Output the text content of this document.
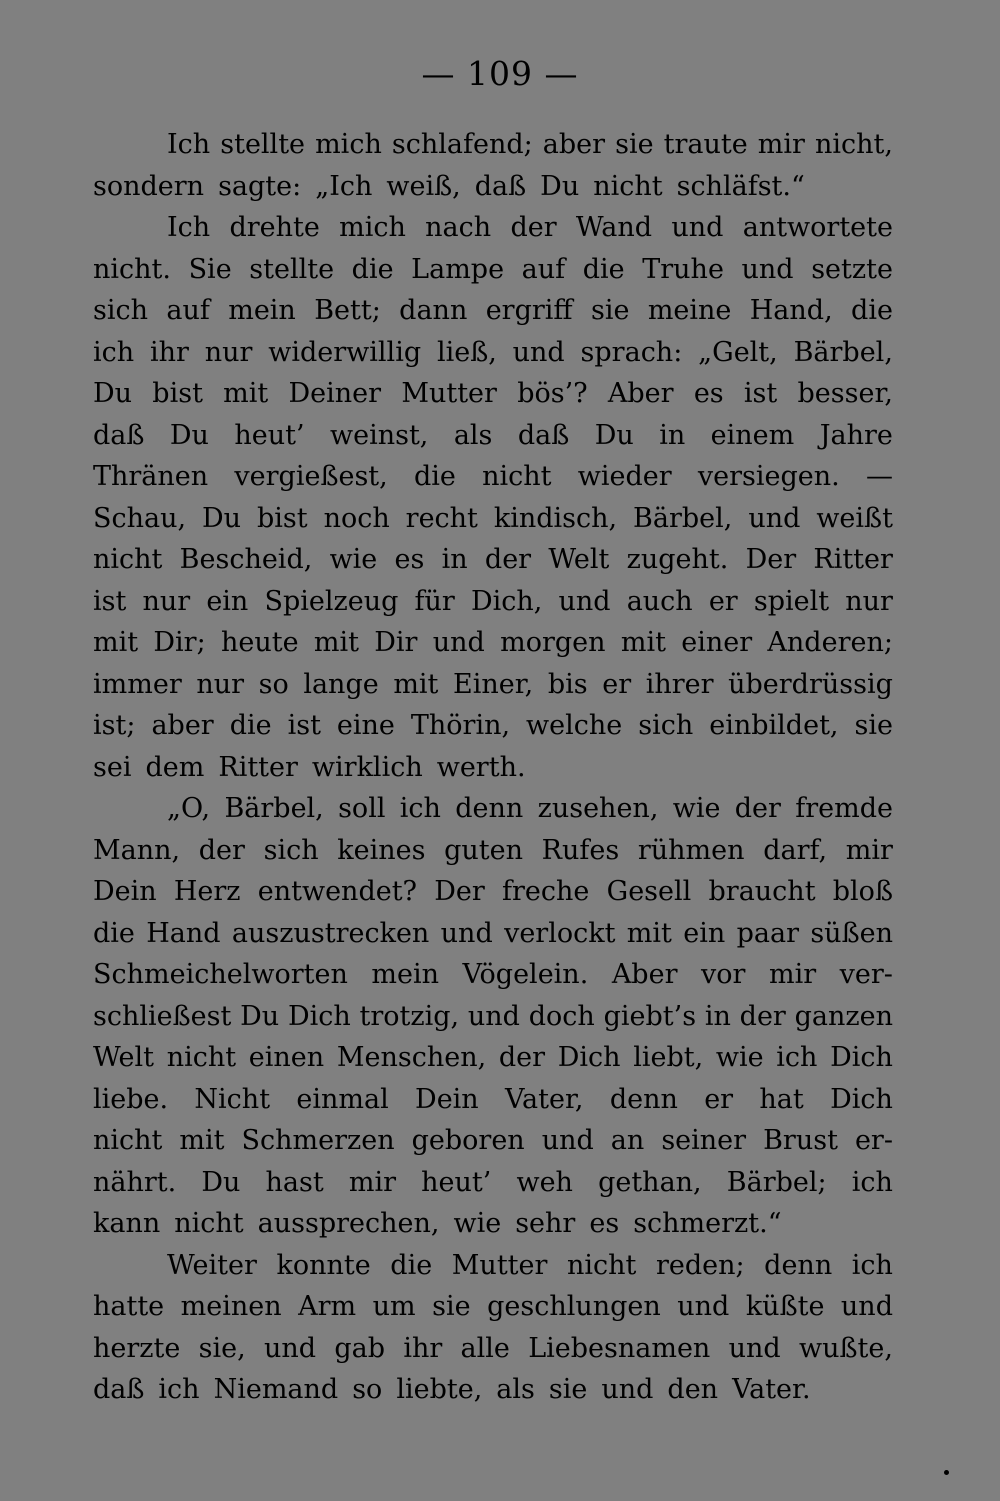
— 109 —
Ich stellte mich schlafend; aber sie traute mir nicht,
sondern sagte: „Ich weiß, daß Du nicht schläfst.“
Ich drehte mich nach der Wand und antwortete
nicht. Sie stellte die Lampe auf die Truhe und setzte
sich auf mein Bett; dann ergriff sie meine Hand, die
ich ihr nur widerwillig ließ, und sprach: „Gelt, Bärbel,
Du bist mit Deiner Mutter bös’? Aber es ist besser,
daß Du heut’ weinst, als daß Du in einem Jahre
Thränen vergießest, die nicht wieder versiegen. —
Schau, Du bist noch recht kindisch, Bärbel, und weißt
nicht Bescheid, wie es in der Welt zugeht. Der Ritter
ist nur ein Spielzeug für Dich, und auch er spielt nur
mit Dir; heute mit Dir und morgen mit einer Anderen;
immer nur so lange mit Einer, bis er ihrer überdrüssig
ist; aber die ist eine Thörin, welche sich einbildet, sie
sei dem Ritter wirklich werth.
„O, Bärbel, soll ich denn zusehen, wie der fremde
Mann, der sich keines guten Rufes rühmen darf, mir
Dein Herz entwendet? Der freche Gesell braucht bloß
die Hand auszustrecken und verlockt mit ein paar süßen
Schmeichelworten mein Vögelein. Aber vor mir ver-
schließest Du Dich trotzig, und doch giebt’s in der ganzen
Welt nicht einen Menschen, der Dich liebt, wie ich Dich
liebe. Nicht einmal Dein Vater, denn er hat Dich
nicht mit Schmerzen geboren und an seiner Brust er-
nährt. Du hast mir heut’ weh gethan, Bärbel; ich
kann nicht aussprechen, wie sehr es schmerzt.“
Weiter konnte die Mutter nicht reden; denn ich
hatte meinen Arm um sie geschlungen und küßte und
herzte sie, und gab ihr alle Liebesnamen und wußte,
daß ich Niemand so liebte, als sie und den Vater.
